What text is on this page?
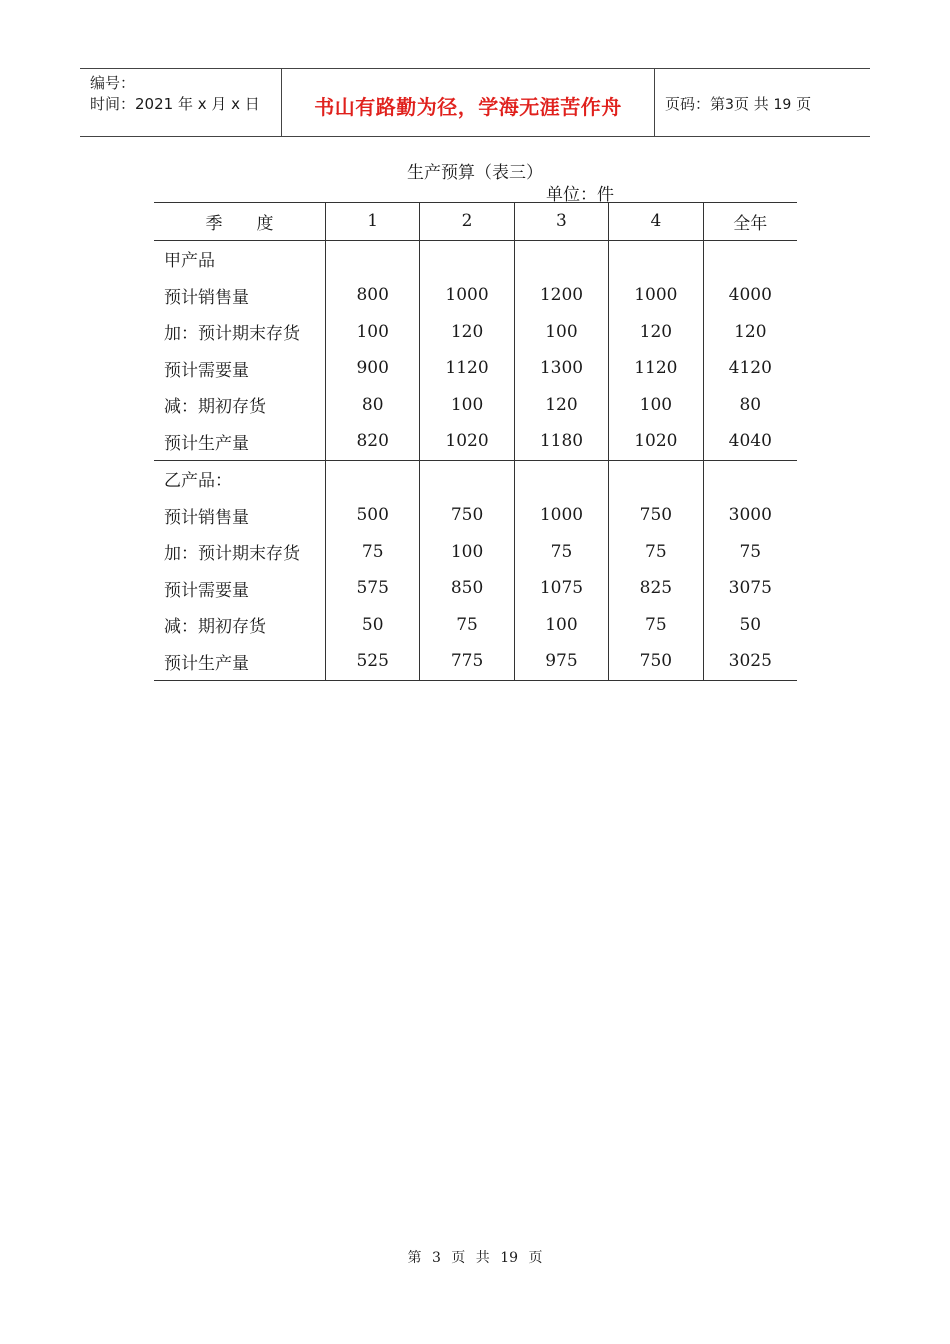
编号：
时间：2021 年 x 月 x 日	书山有路勤为径，学海无涯苦作舟	页码：第3页 共 19 页
生产预算（表三）
单位：件
季　　度	1	2	3	4	全年
甲产品					
预计销售量	800	1000	1200	1000	4000
加：预计期末存货	100	120	100	120	120
预计需要量	900	1120	1300	1120	4120
减：期初存货	80	100	120	100	80
预计生产量	820	1020	1180	1020	4040
乙产品：					
预计销售量	500	750	1000	750	3000
加：预计期末存货	75	100	75	75	75
预计需要量	575	850	1075	825	3075
减：期初存货	50	75	100	75	50
预计生产量	525	775	975	750	3025
第 3 页 共 19 页
